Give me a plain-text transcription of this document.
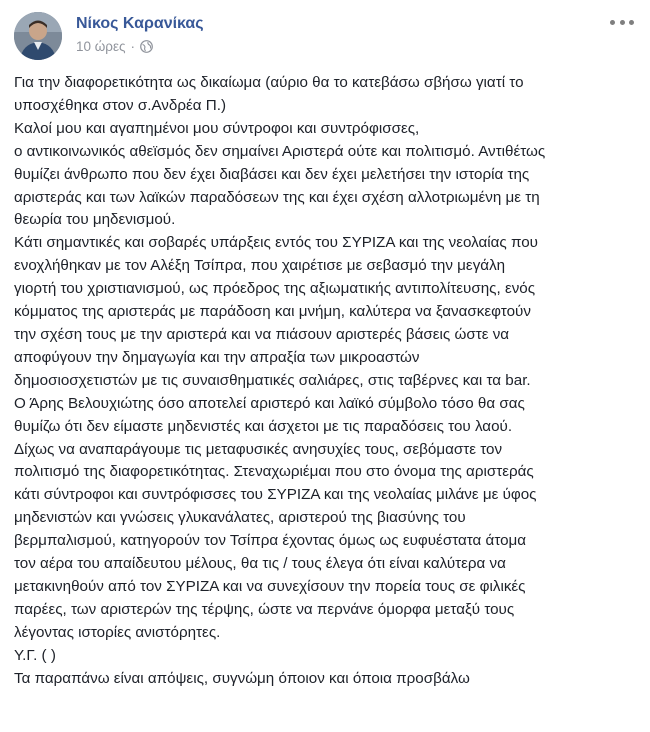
Νίκος Καρανίκας
10 ώρες ·
Για την διαφορετικότητα ως δικαίωμα (αύριο θα το κατεβάσω σβήσω γιατί το
υποσχέθηκα στον σ.Ανδρέα Π.)
Καλοί μου και αγαπημένοι μου σύντροφοι και συντρόφισσες,
ο αντικοινωνικός αθεϊσμός δεν σημαίνει Αριστερά ούτε και πολιτισμό. Αντιθέτως
θυμίζει άνθρωπο που δεν έχει διαβάσει και δεν έχει μελετήσει την ιστορία της
αριστεράς και των λαϊκών παραδόσεων της και έχει σχέση αλλοτριωμένη με τη
θεωρία του μηδενισμού.
Κάτι σημαντικές και σοβαρές υπάρξεις εντός του ΣΥΡΙΖΑ και της νεολαίας που
ενοχλήθηκαν με τον Αλέξη Τσίπρα, που χαιρέτισε με σεβασμό την μεγάλη
γιορτή του χριστιανισμού, ως πρόεδρος της αξιωματικής αντιπολίτευσης, ενός
κόμματος της αριστεράς με παράδοση και μνήμη, καλύτερα να ξανασκεφτούν
την σχέση τους με την αριστερά και να πιάσουν αριστερές βάσεις ώστε να
αποφύγουν την δημαγωγία και την απραξία των μικροαστών
δημοσιοσχετιστών με τις συναισθηματικές σαλιάρες, στις ταβέρνες και τα bar.
Ο Άρης Βελουχιώτης όσο αποτελεί αριστερό και λαϊκό σύμβολο τόσο θα σας
θυμίζω ότι δεν είμαστε μηδενιστές και άσχετοι με τις παραδόσεις του λαού.
Δίχως να αναπαράγουμε τις μεταφυσικές ανησυχίες τους, σεβόμαστε τον
πολιτισμό της διαφορετικότητας. Στεναχωριέμαι που στο όνομα της αριστεράς
κάτι σύντροφοι και συντρόφισσες του ΣΥΡΙΖΑ και της νεολαίας μιλάνε με ύφος
μηδενιστών και γνώσεις γλυκανάλατες, αριστερού της βιασύνης του
βερμπαλισμού, κατηγορούν τον Τσίπρα έχοντας όμως ως ευφυέστατα άτομα
τον αέρα του απαίδευτου μέλους, θα τις / τους έλεγα ότι είναι καλύτερα να
μετακινηθούν από τον ΣΥΡΙΖΑ και να συνεχίσουν την πορεία τους σε φιλικές
παρέες, των αριστερών της τέρψης, ώστε να περνάνε όμορφα μεταξύ τους
λέγοντας ιστορίες ανιστόρητες.
Υ.Γ. ( )
Τα παραπάνω είναι απόψεις, συγνώμη όποιον και όποια προσβάλω
